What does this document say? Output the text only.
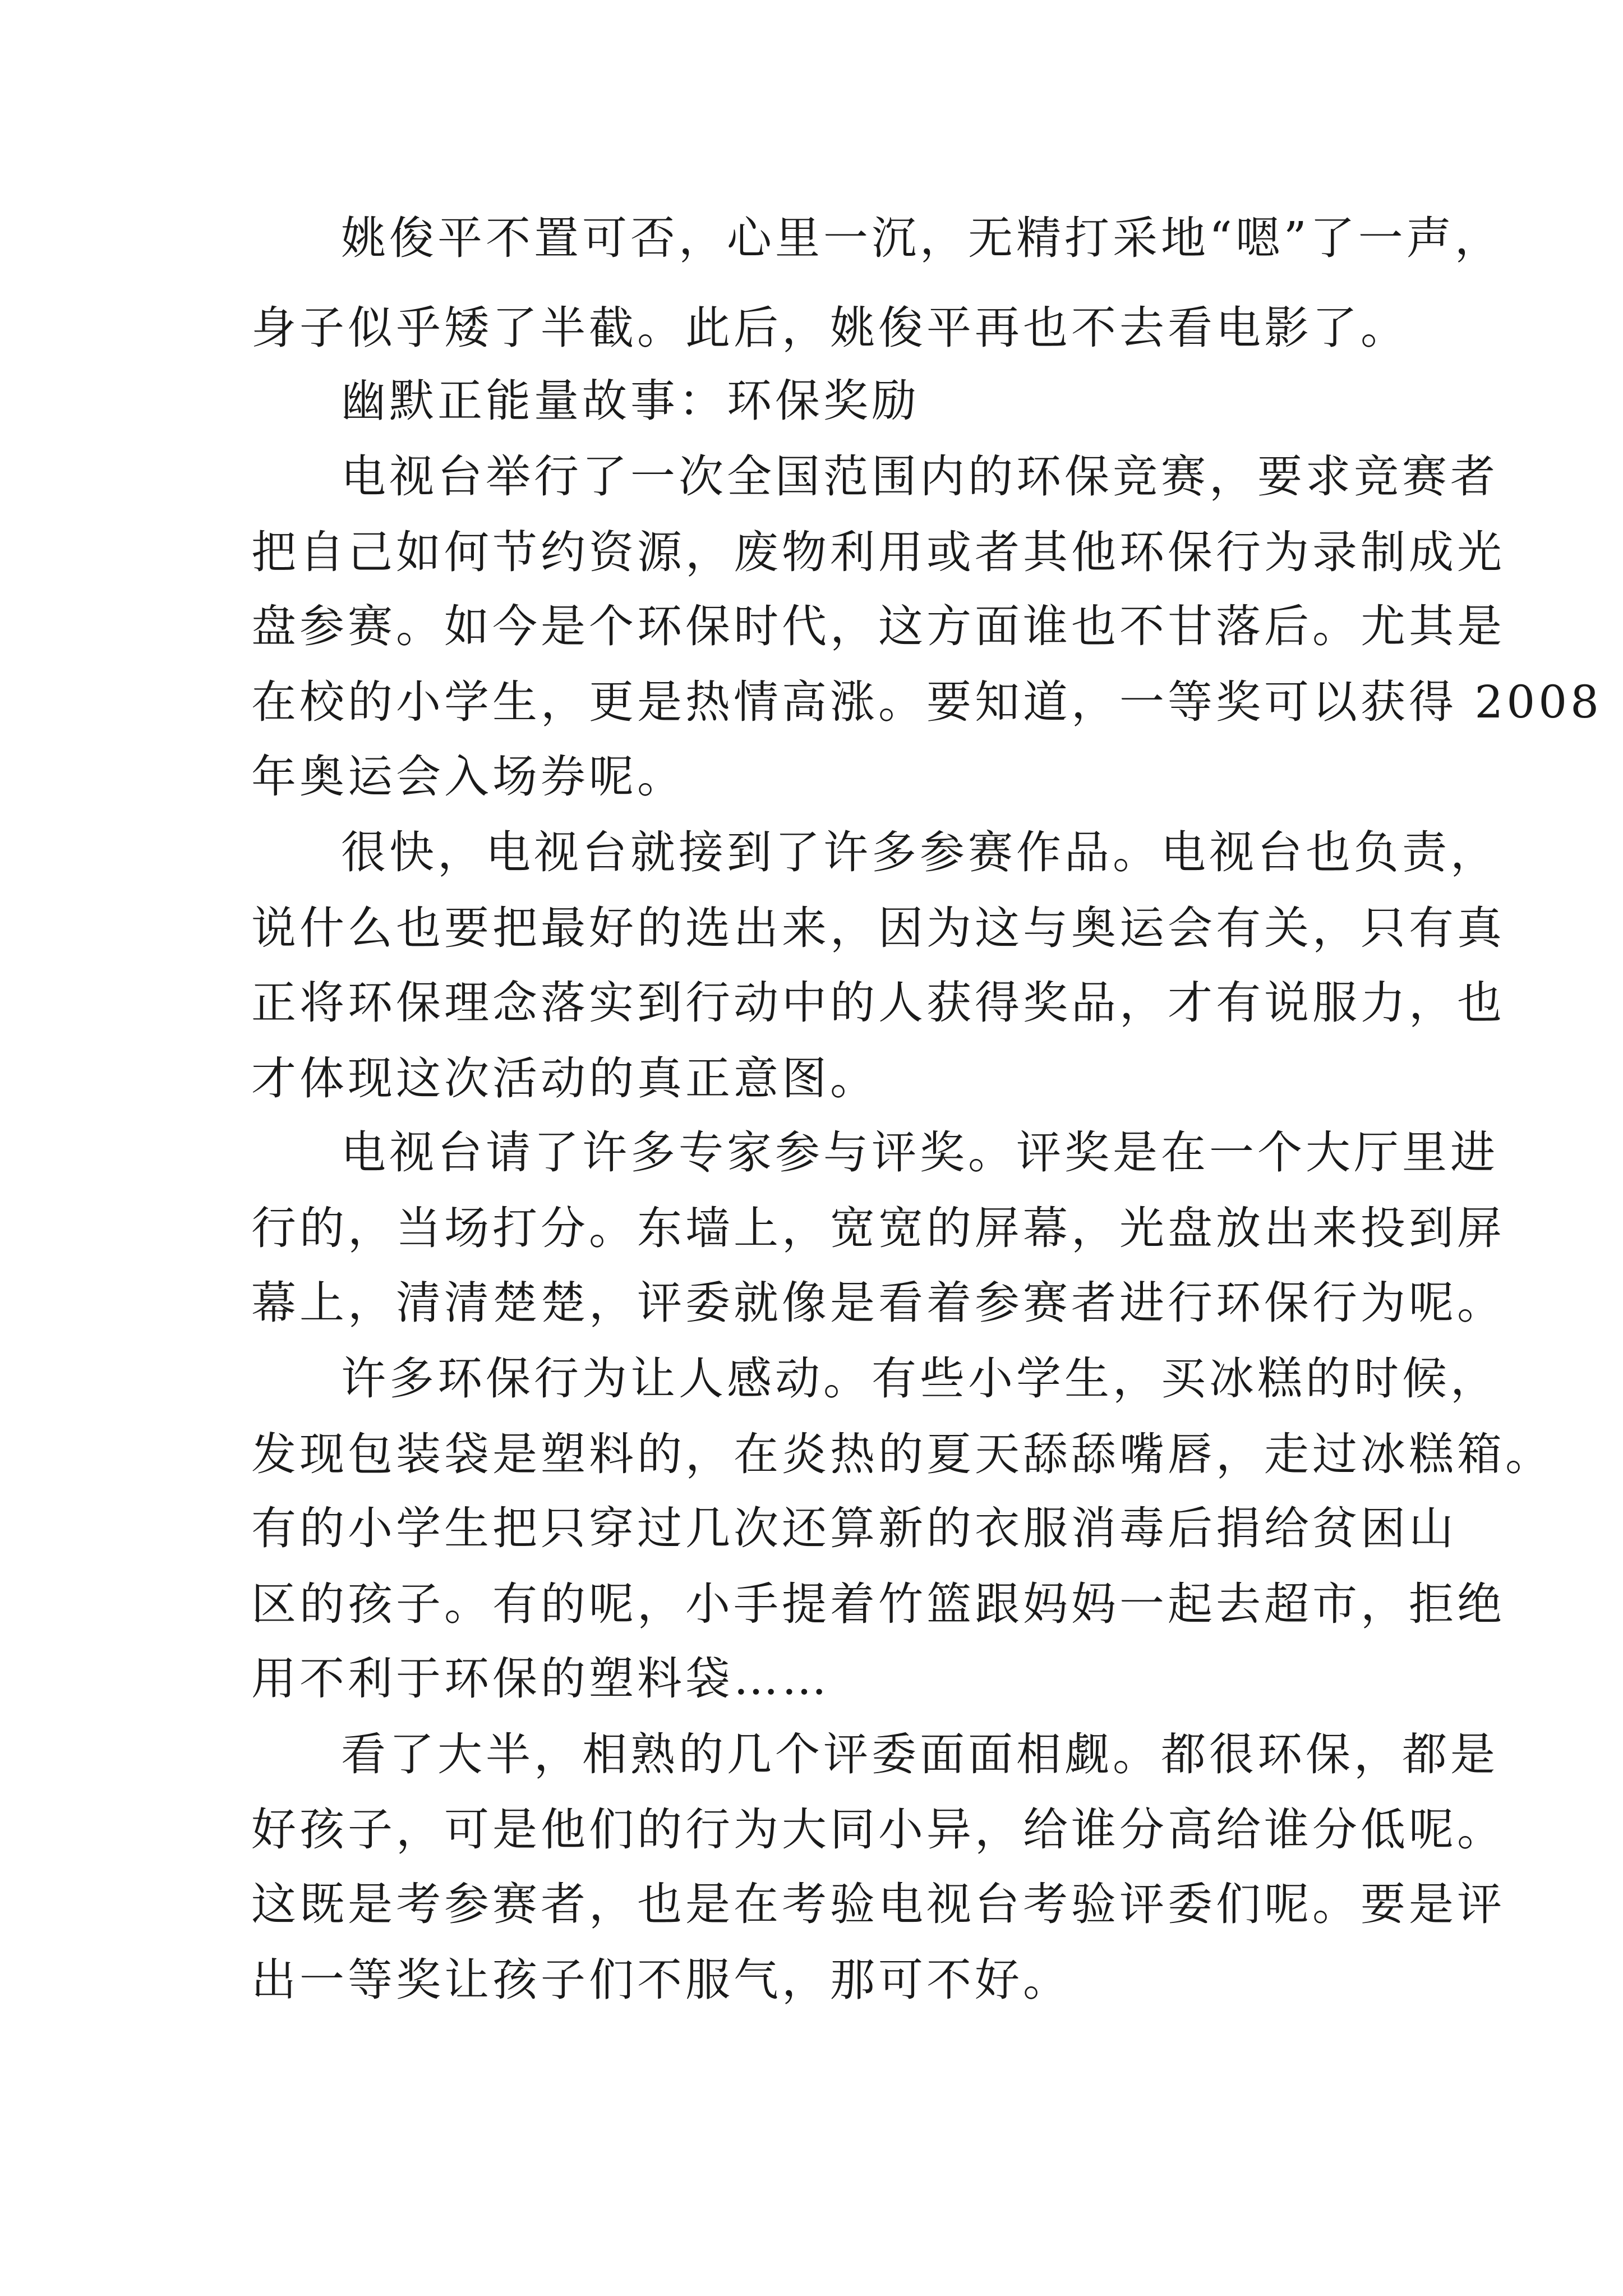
姚俊平不置可否，心里一沉，无精打采地“嗯”了一声，
身子似乎矮了半截。此后，姚俊平再也不去看电影了。
幽默正能量故事：环保奖励
电视台举行了一次全国范围内的环保竞赛，要求竞赛者
把自己如何节约资源，废物利用或者其他环保行为录制成光
盘参赛。如今是个环保时代，这方面谁也不甘落后。尤其是
在校的小学生，更是热情高涨。要知道，一等奖可以获得 2008
年奥运会入场券呢。
很快，电视台就接到了许多参赛作品。电视台也负责，
说什么也要把最好的选出来，因为这与奥运会有关，只有真
正将环保理念落实到行动中的人获得奖品，才有说服力，也
才体现这次活动的真正意图。
电视台请了许多专家参与评奖。评奖是在一个大厅里进
行的，当场打分。东墙上，宽宽的屏幕，光盘放出来投到屏
幕上，清清楚楚，评委就像是看着参赛者进行环保行为呢。
许多环保行为让人感动。有些小学生，买冰糕的时候，
发现包装袋是塑料的，在炎热的夏天舔舔嘴唇，走过冰糕箱。
有的小学生把只穿过几次还算新的衣服消毒后捐给贫困山
区的孩子。有的呢，小手提着竹篮跟妈妈一起去超市，拒绝
用不利于环保的塑料袋……
看了大半，相熟的几个评委面面相觑。都很环保，都是
好孩子，可是他们的行为大同小异，给谁分高给谁分低呢。
这既是考参赛者，也是在考验电视台考验评委们呢。要是评
出一等奖让孩子们不服气，那可不好。
